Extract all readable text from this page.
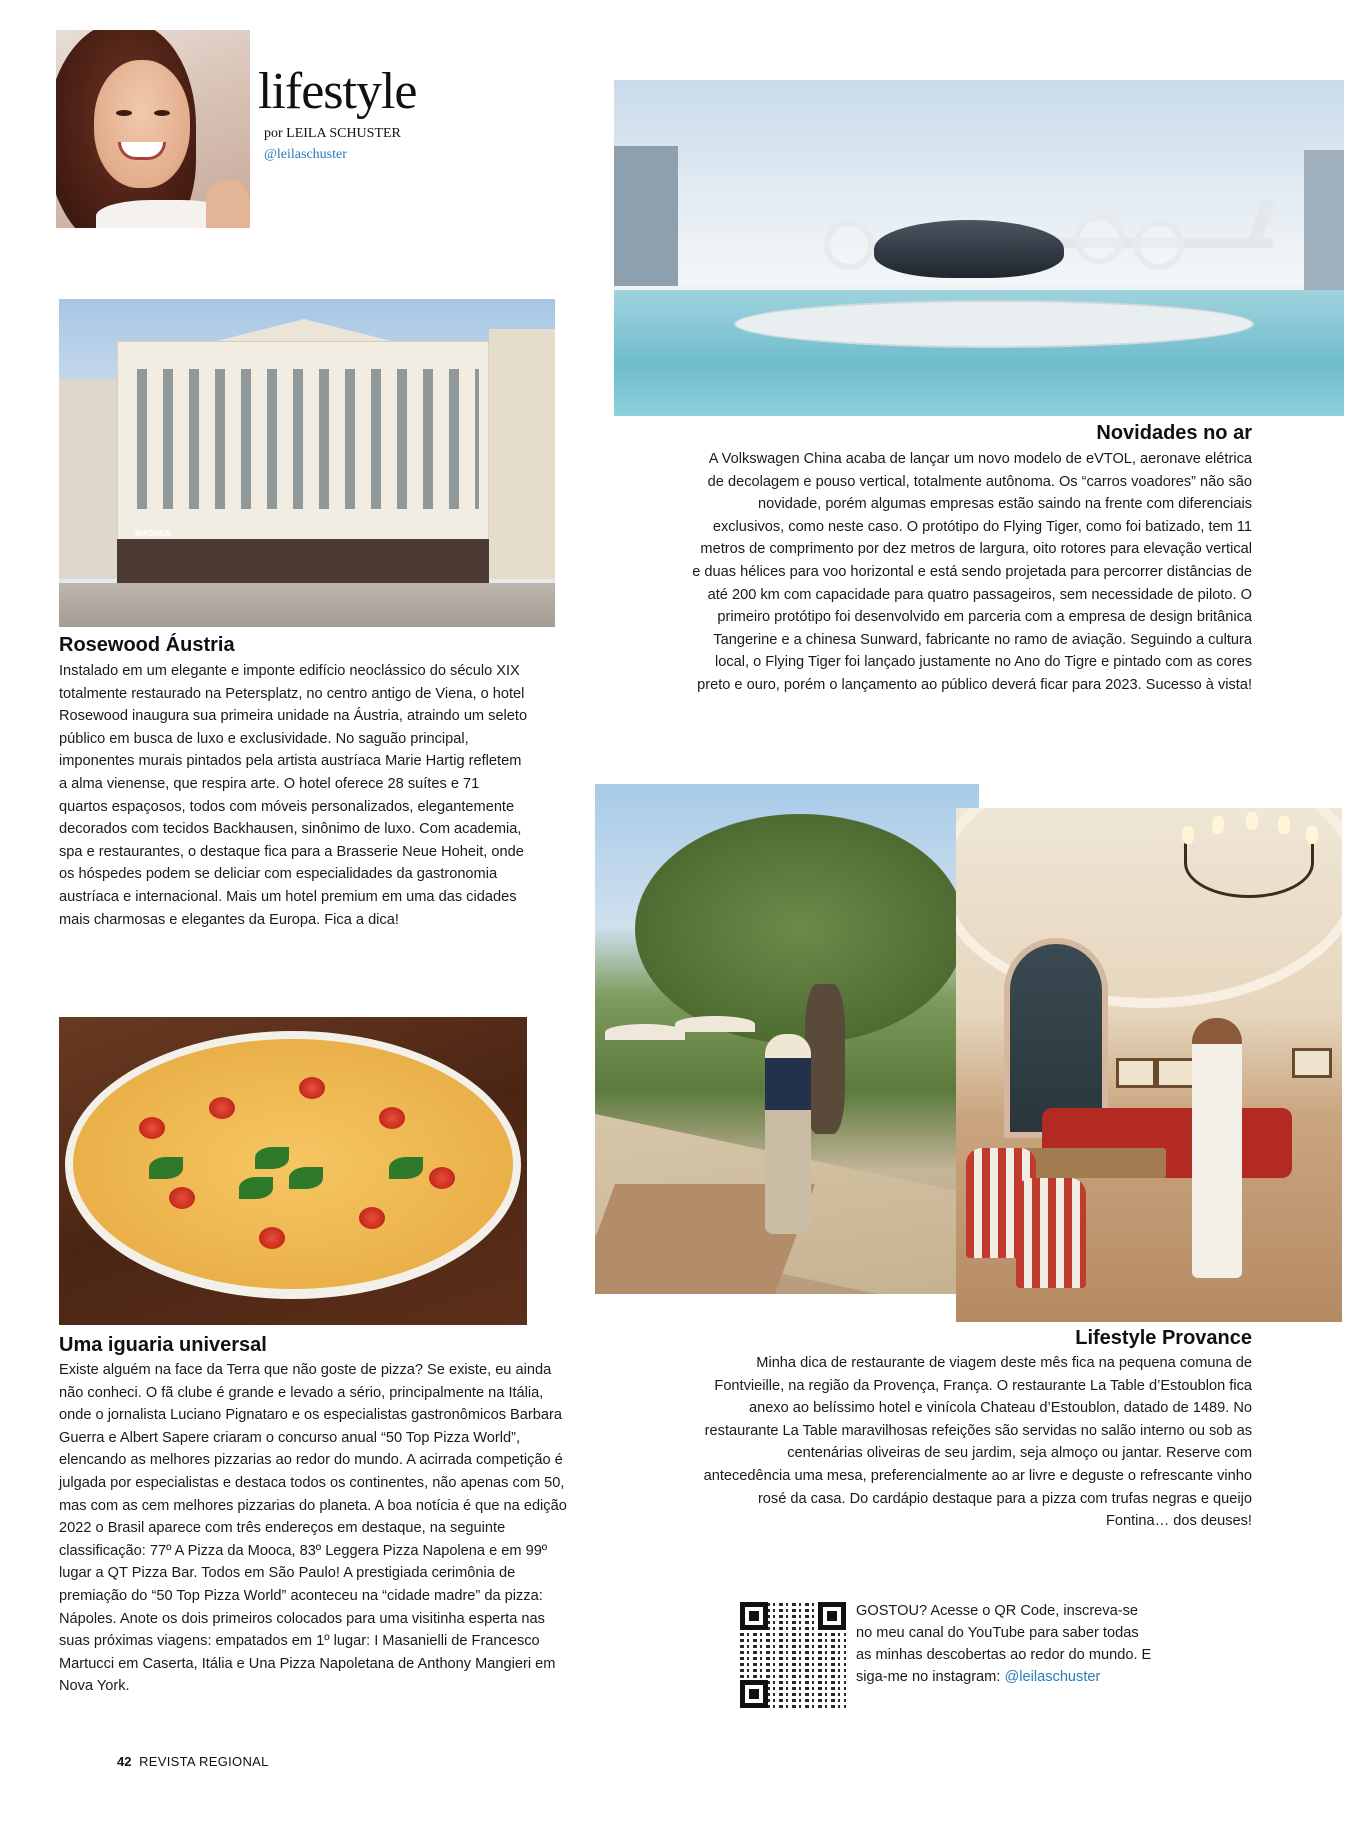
lifestyle
por LEILA SCHUSTER
@leilaschuster
WAGNER
Rosewood Áustria
Instalado em um elegante e imponte edifício neoclássico do século XIX totalmente restaurado na Petersplatz, no centro antigo de Viena, o hotel Rosewood inaugura sua primeira unidade na Áustria, atraindo um seleto público em busca de luxo e exclusividade. No saguão principal, imponentes murais pintados pela artista austríaca Marie Hartig refletem a alma vienense, que respira arte. O hotel oferece 28 suítes e 71 quartos espaçosos, todos com móveis personalizados, elegantemente decorados com tecidos Backhausen, sinônimo de luxo. Com academia, spa e restaurantes, o destaque fica para a Brasserie Neue Hoheit, onde os hóspedes podem se deliciar com especialidades da gastronomia austríaca e internacional. Mais um hotel premium em uma das cidades mais charmosas e elegantes da Europa. Fica a dica!
Novidades no ar
A Volkswagen China acaba de lançar um novo modelo de eVTOL, aeronave elétrica de decolagem e pouso vertical, totalmente autônoma. Os “carros voadores” não são novidade, porém algumas empresas estão saindo na frente com diferenciais exclusivos, como neste caso. O protótipo do Flying Tiger, como foi batizado, tem 11 metros de comprimento por dez metros de largura, oito rotores para elevação vertical e duas hélices para voo horizontal e está sendo projetada para percorrer distâncias de até 200 km com capacidade para quatro passageiros, sem necessidade de piloto. O primeiro protótipo foi desenvolvido em parceria com a empresa de design britânica Tangerine e a chinesa Sunward, fabricante no ramo de aviação. Seguindo a cultura local, o Flying Tiger foi lançado justamente no Ano do Tigre e pintado com as cores preto e ouro, porém o lançamento ao público deverá ficar para 2023. Sucesso à vista!
Uma iguaria universal
Existe alguém na face da Terra que não goste de pizza? Se existe, eu ainda não conheci. O fã clube é grande e levado a sério, principalmente na Itália, onde o jornalista Luciano Pignataro e os especialistas gastronômicos Barbara Guerra e Albert Sapere criaram o concurso anual “50 Top Pizza World”, elencando as melhores pizzarias ao redor do mundo. A acirrada competição é julgada por especialistas e destaca todos os continentes, não apenas com 50, mas com as cem melhores pizzarias do planeta. A boa notícia é que na edição 2022 o Brasil aparece com três endereços em destaque, na seguinte classificação: 77º A Pizza da Mooca, 83º Leggera Pizza Napolena e em 99º lugar a QT Pizza Bar. Todos em São Paulo! A prestigiada cerimônia de premiação do “50 Top Pizza World” aconteceu na “cidade madre” da pizza: Nápoles. Anote os dois primeiros colocados para uma visitinha esperta nas suas próximas viagens: empatados em 1º lugar: I Masanielli de Francesco Martucci em Caserta, Itália e Una Pizza Napoletana de Anthony Mangieri em Nova York.
Lifestyle Provance
Minha dica de restaurante de viagem deste mês fica na pequena comuna de Fontvieille, na região da Provença, França. O restaurante La Table d’Estoublon fica anexo ao belíssimo hotel e vinícola Chateau d’Estoublon, datado de 1489. No restaurante La Table maravilhosas refeições são servidas no salão interno ou sob as centenárias oliveiras de seu jardim, seja almoço ou jantar. Reserve com antecedência uma mesa, preferencialmente ao ar livre e deguste o refrescante vinho rosé da casa. Do cardápio destaque para a pizza com trufas negras e queijo Fontina… dos deuses!
GOSTOU? Acesse o QR Code, inscreva-se no meu canal do YouTube para saber todas as minhas descobertas ao redor do mundo. E siga-me no instagram: @leilaschuster
42 REVISTA REGIONAL
